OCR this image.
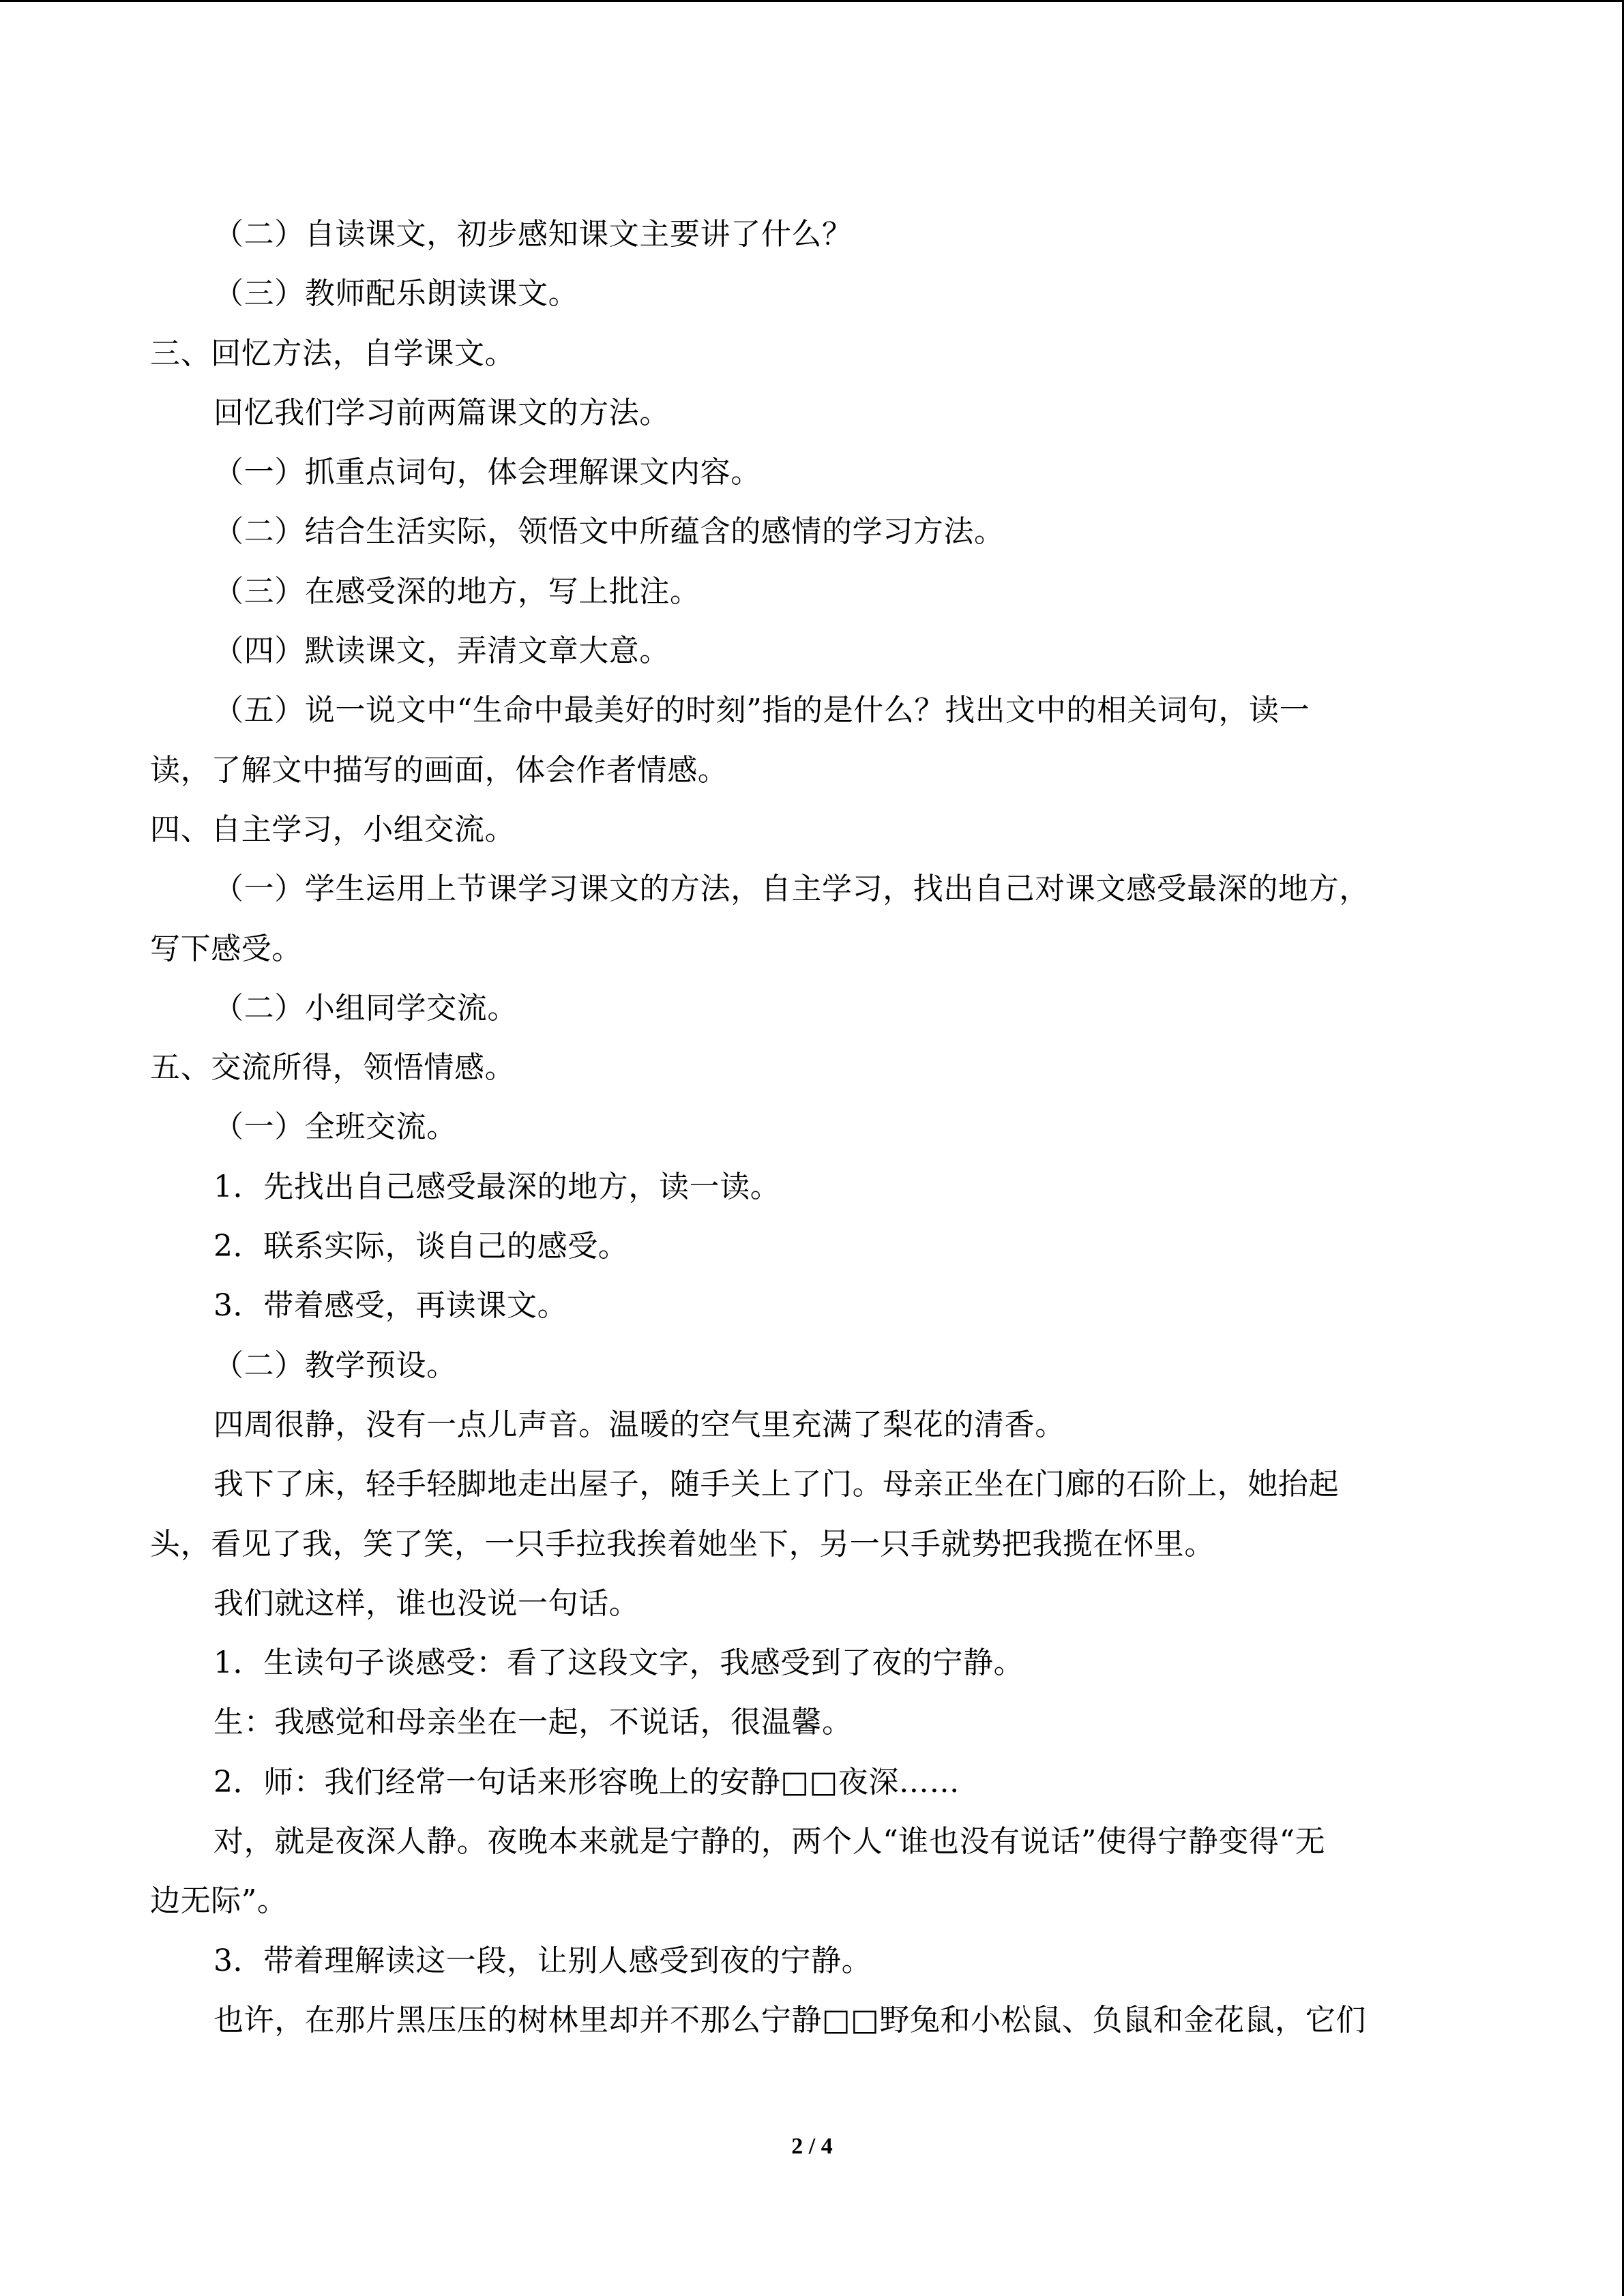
（二）自读课文，初步感知课文主要讲了什么？
（三）教师配乐朗读课文。
三、回忆方法，自学课文。
回忆我们学习前两篇课文的方法。
（一）抓重点词句，体会理解课文内容。
（二）结合生活实际，领悟文中所蕴含的感情的学习方法。
（三）在感受深的地方，写上批注。
（四）默读课文，弄清文章大意。
（五）说一说文中“生命中最美好的时刻”指的是什么？找出文中的相关词句，读一
读，了解文中描写的画面，体会作者情感。
四、自主学习，小组交流。
（一）学生运用上节课学习课文的方法，自主学习，找出自己对课文感受最深的地方，
写下感受。
（二）小组同学交流。
五、交流所得，领悟情感。
（一）全班交流。
1．先找出自己感受最深的地方，读一读。
2．联系实际，谈自己的感受。
3．带着感受，再读课文。
（二）教学预设。
四周很静，没有一点儿声音。温暖的空气里充满了梨花的清香。
我下了床，轻手轻脚地走出屋子，随手关上了门。母亲正坐在门廊的石阶上，她抬起
头，看见了我，笑了笑，一只手拉我挨着她坐下，另一只手就势把我揽在怀里。
我们就这样，谁也没说一句话。
1．生读句子谈感受：看了这段文字，我感受到了夜的宁静。
生：我感觉和母亲坐在一起，不说话，很温馨。
2．师：我们经常一句话来形容晚上的安静□□夜深……
对，就是夜深人静。夜晚本来就是宁静的，两个人“谁也没有说话”使得宁静变得“无
边无际”。
3．带着理解读这一段，让别人感受到夜的宁静。
也许，在那片黑压压的树林里却并不那么宁静□□野兔和小松鼠、负鼠和金花鼠，它们
2 / 4
